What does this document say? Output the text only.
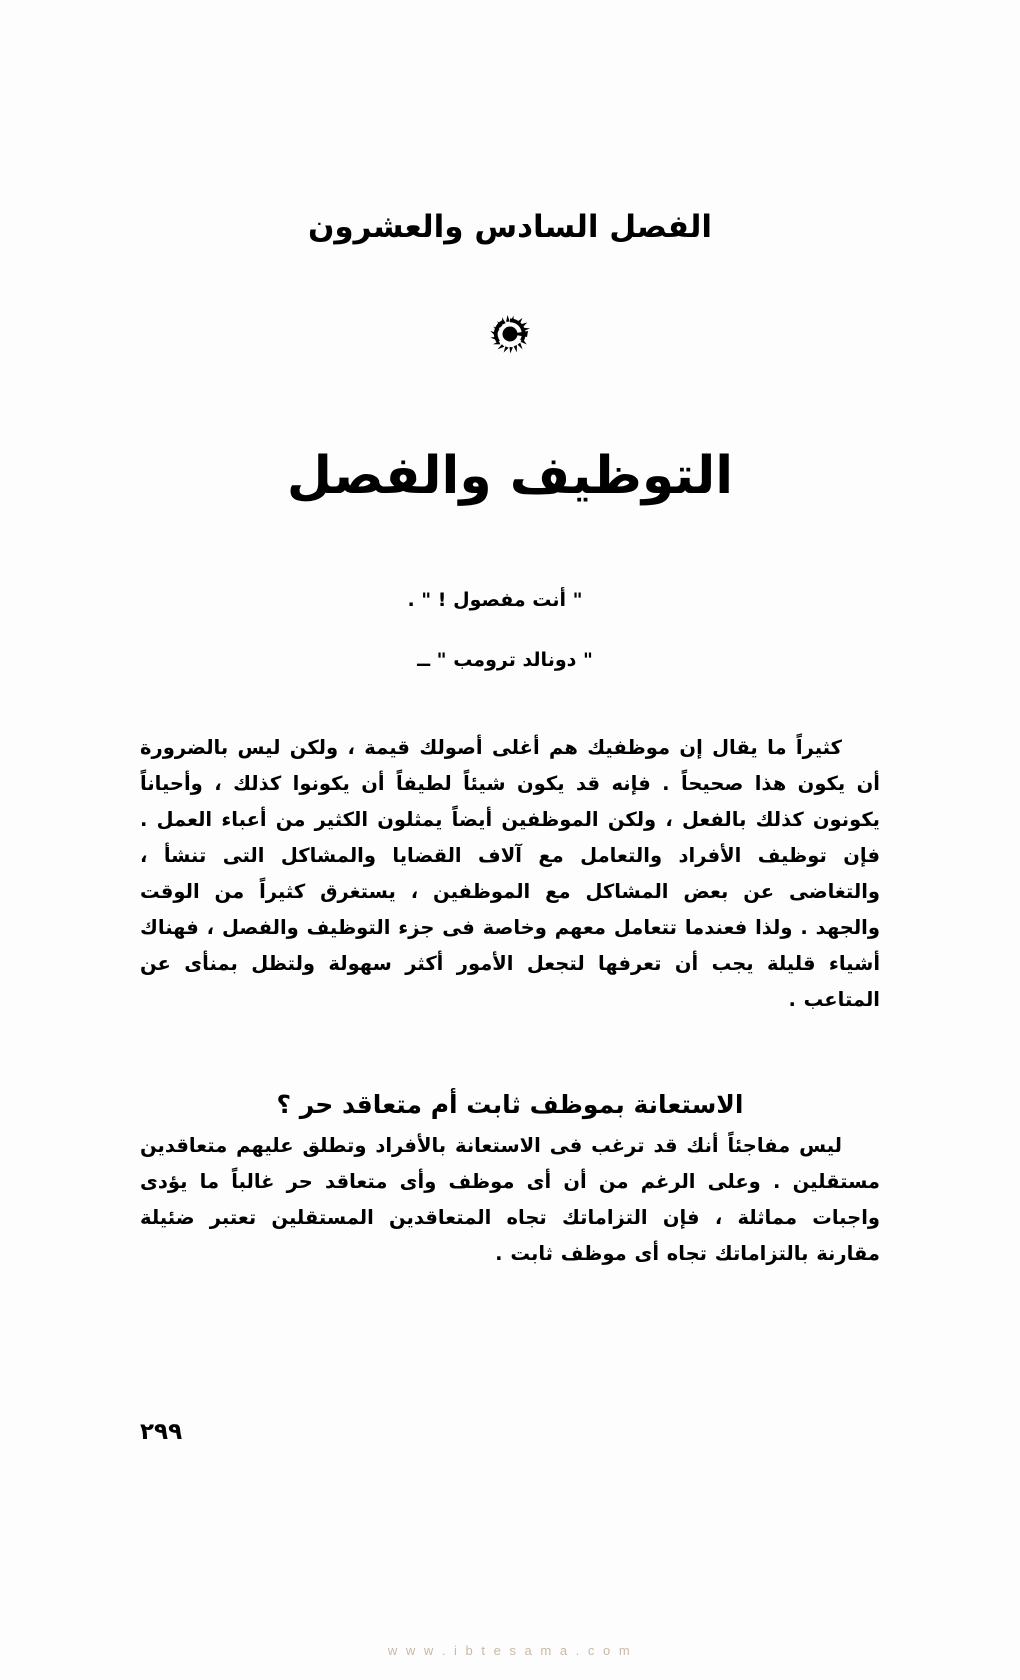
الفصل السادس والعشرون
التوظيف والفصل
" أنت مفصول ! " .
" دونالد ترومب " ــ

كثيراً ما يقال إن موظفيك هم أغلى أصولك قيمة ، ولكن ليس بالضرورة أن يكون هذا صحيحاً . فإنه قد يكون شيئاً لطيفاً أن يكونوا كذلك ، وأحياناً يكونون كذلك بالفعل ، ولكن الموظفين أيضاً يمثلون الكثير من أعباء العمل . فإن توظيف الأفراد والتعامل مع آلاف القضايا والمشاكل التى تنشأ ، والتغاضى عن بعض المشاكل مع الموظفين ، يستغرق كثيراً من الوقت والجهد . ولذا فعندما تتعامل معهم وخاصة فى جزء التوظيف والفصل ، فهناك أشياء قليلة يجب أن تعرفها لتجعل الأمور أكثر سهولة ولتظل بمنأى عن المتاعب .

الاستعانة بموظف ثابت أم متعاقد حر ؟

ليس مفاجئاً أنك قد ترغب فى الاستعانة بالأفراد وتطلق عليهم متعاقدين مستقلين . وعلى الرغم من أن أى موظف وأى متعاقد حر غالباً ما يؤدى واجبات مماثلة ، فإن التزاماتك تجاه المتعاقدين المستقلين تعتبر ضئيلة مقارنة بالتزاماتك تجاه أى موظف ثابت .

٢٩٩
w w w . i b t e s a m a . c o m
